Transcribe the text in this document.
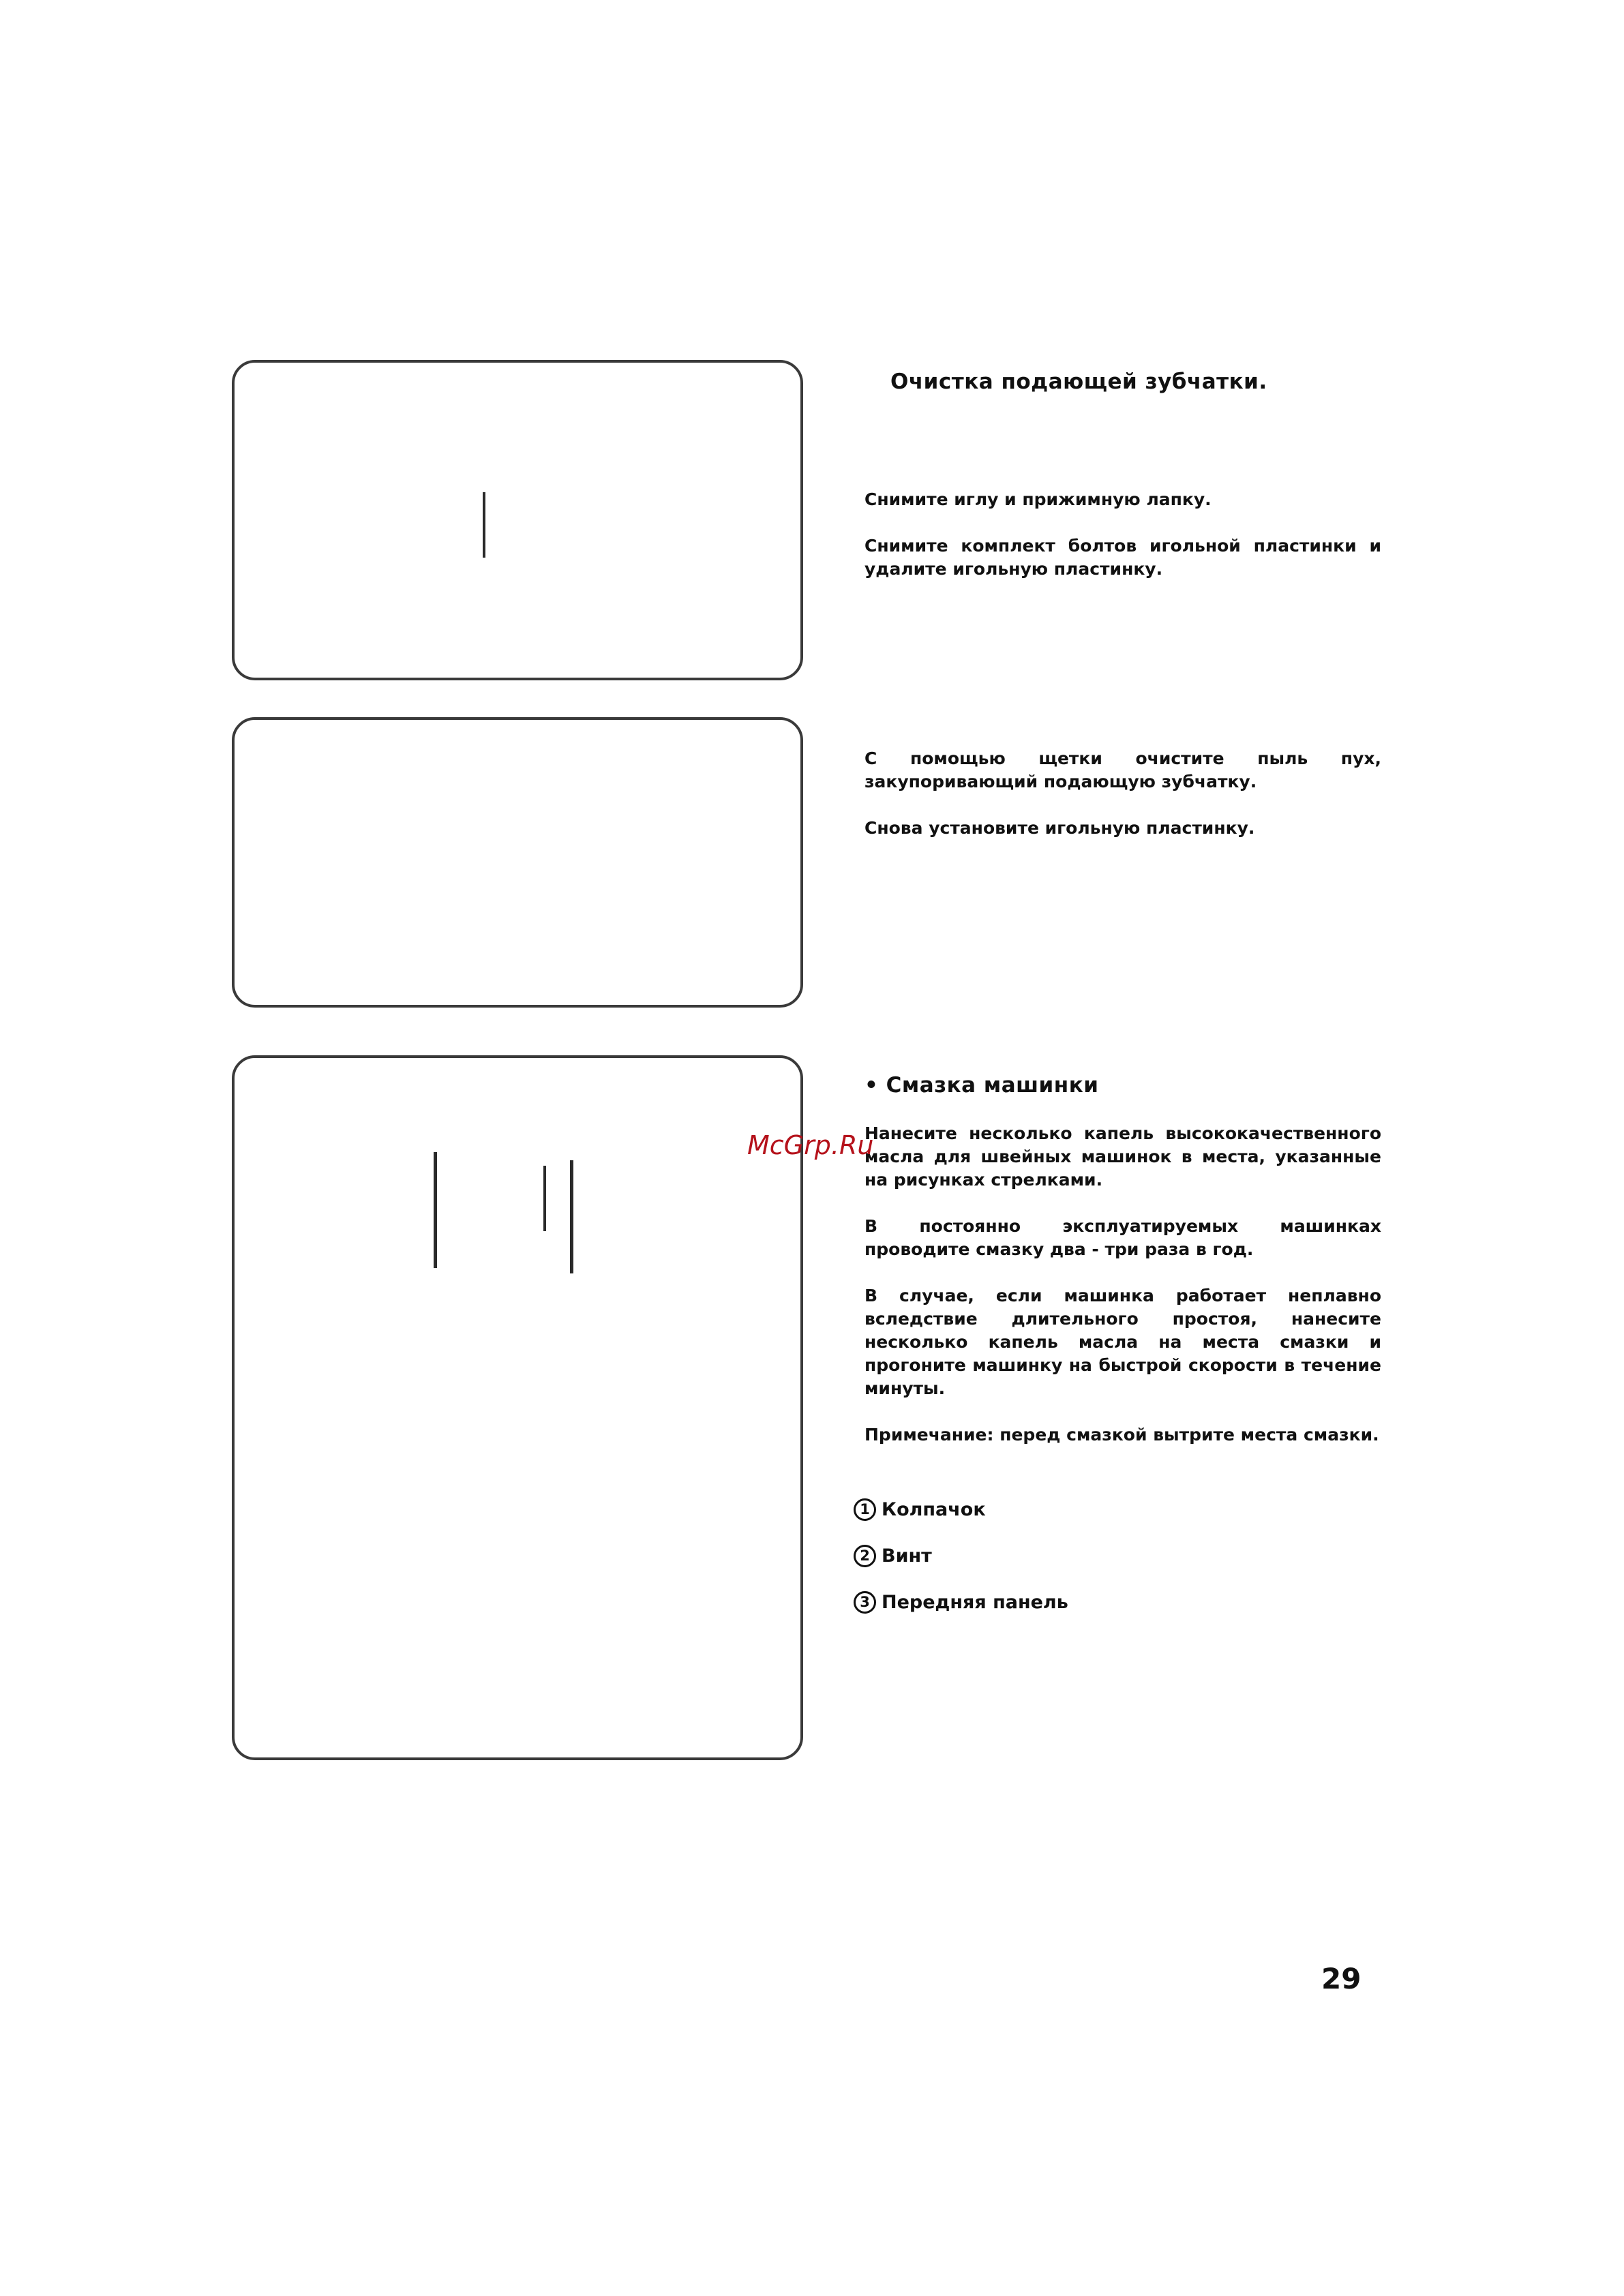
Очистка подающей зубчатки.

Снимите иглу и прижимную лапку.

Снимите комплект болтов игольной пластинки и удалите игольную пластинку.

С помощью щетки очистите пыль пух, закупоривающий подающую зубчатку.

Снова установите игольную пластинку.

• Смазка машинки

Нанесите несколько капель высококачественного масла для швейных машинок в места, указанные на рисунках стрелками.

В постоянно эксплуатируемых машинках проводите смазку два - три раза в год.

В случае, если машинка работает неплавно вследствие длительного простоя, нанесите несколько капель масла на места смазки и прогоните машинку на быстрой скорости в течение минуты.

Примечание: перед смазкой вытрите места смазки.

1 Колпачок
2 Винт
3 Передняя панель
McGrp.Ru
29
